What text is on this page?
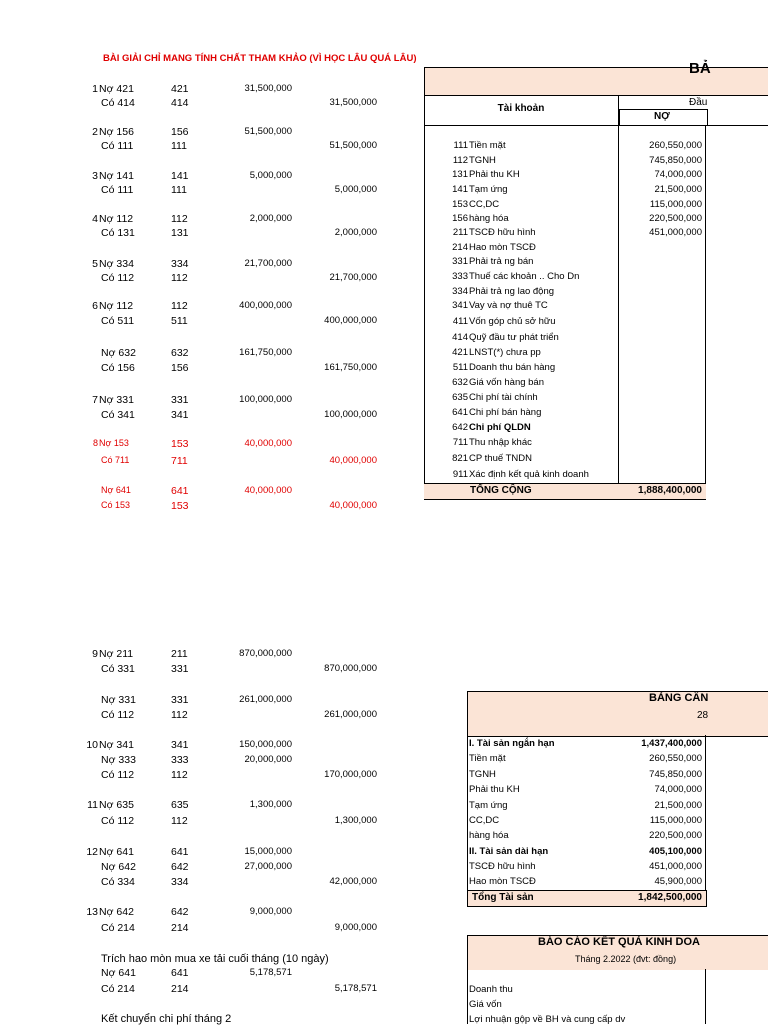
BÀI GIẢI CHỈ MANG TÍNH CHẤT THAM KHẢO (VÌ HỌC LÂU QUÁ LÂU)
1 Nợ 421	421	31,500,000
Có 414	414	31,500,000
2 Nợ 156	156	51,500,000
Có 111	111	51,500,000
3 Nợ 141	141	5,000,000
Có 111	111	5,000,000
4 Nợ 112	112	2,000,000
Có 131	131	2,000,000
5 Nợ 334	334	21,700,000
Có 112	112	21,700,000
6 Nợ 112	112	400,000,000
Có 511	511	400,000,000
Nợ 632	632	161,750,000
Có 156	156	161,750,000
7 Nợ 331	331	100,000,000
Có 341	341	100,000,000
8 Nợ 153	153	40,000,000
Có 711	711	40,000,000
Nợ 641	641	40,000,000
Có 153	153	40,000,000
9 Nợ 211	211	870,000,000
Có 331	331	870,000,000
Nợ 331	331	261,000,000
Có 112	112	261,000,000
10 Nợ 341	341	150,000,000
Nợ 333	333	20,000,000
Có 112	112	170,000,000
11 Nợ 635	635	1,300,000
Có 112	112	1,300,000
12 Nợ 641	641	15,000,000
Nợ 642	642	27,000,000
Có 334	334	42,000,000
13 Nợ 642	642	9,000,000
Có 214	214	9,000,000
Nợ 641	641	5,178,571
Có 214	214	5,178,571
Trích hao mòn mua xe tải cuối tháng (10 ngày)
Kết chuyển chi phí tháng 2
BẢ
Tài khoản
Đầu
NỢ
111 Tiền mặt	260,550,000
112 TGNH	745,850,000
131 Phải thu KH	74,000,000
141 Tạm ứng	21,500,000
153 CC,DC	115,000,000
156 hàng hóa	220,500,000
211 TSCĐ hữu hình	451,000,000
214 Hao mòn TSCĐ
331 Phải trả ng bán
333 Thuế các khoản .. Cho Dn
334 Phải trả ng lao động
341 Vay và nợ thuê TC
411 Vốn góp chủ sở hữu
414 Quỹ đầu tư phát triển
421 LNST(*) chưa pp
511 Doanh thu bán hàng
632 Giá vốn hàng bán
635 Chi phí tài chính
641 Chi phí bán hàng
642 Chi phí QLDN
711 Thu nhập khác
821 CP thuế TNDN
911 Xác định kết quả kinh doanh
TỔNG CỘNG	1,888,400,000
BẢNG CÂN
28
I. Tài sản ngắn hạn	1,437,400,000
Tiền mặt	260,550,000
TGNH	745,850,000
Phải thu KH	74,000,000
Tạm ứng	21,500,000
CC,DC	115,000,000
hàng hóa	220,500,000
II. Tài sản dài hạn	405,100,000
TSCĐ hữu hình	451,000,000
Hao mòn TSCĐ	45,900,000
Tổng Tài sản	1,842,500,000
BÁO CÁO KẾT QUẢ KINH DOA
Tháng 2.2022 (đvt: đồng)
Doanh thu
Giá vốn
Lợi nhuận gộp về BH và cung cấp dv
